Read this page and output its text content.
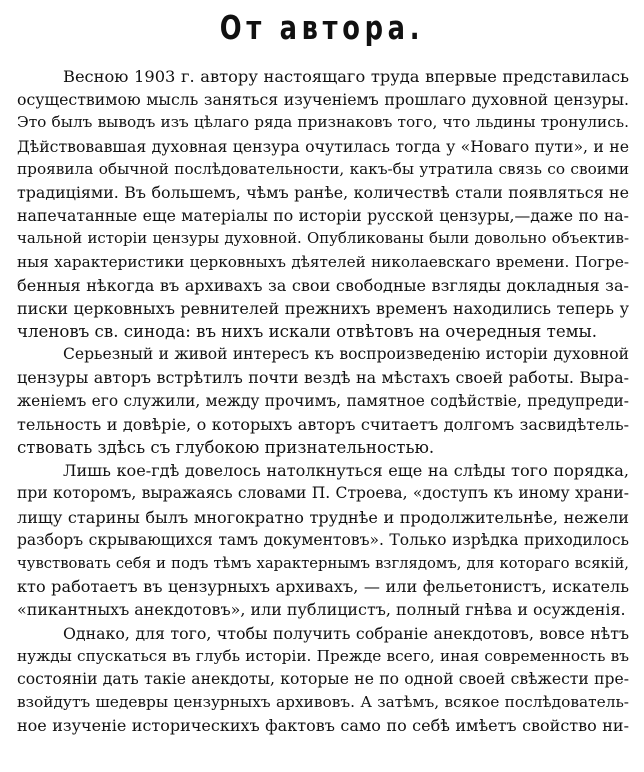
От автора.
Весною 1903 г. автору настоящаго труда впервые представилась
осуществимою мысль заняться изученiемъ прошлаго духовной цензуры.
Это былъ выводъ изъ цѣлаго ряда признаковъ того, что льдины тронулись.
Дѣйствовавшая духовная цензура очутилась тогда у «Новаго пути», и не
проявила обычной послѣдовательности, какъ-бы утратила связь со своими
традицiями. Въ большемъ, чѣмъ ранѣе, количествѣ стали появляться не
напечатанные еще матерiалы по исторiи русской цензуры,—даже по на-
чальной исторiи цензуры духовной. Опубликованы были довольно объектив-
ныя характеристики церковныхъ дѣятелей николаевскаго времени. Погре-
бенныя нѣкогда въ архивахъ за свои свободные взгляды докладныя за-
писки церковныхъ ревнителей прежнихъ временъ находились теперь у
членовъ св. синода: въ нихъ искали отвѣтовъ на очередныя темы.
Серьезный и живой интересъ къ воспроизведенiю исторiи духовной
цензуры авторъ встрѣтилъ почти вездѣ на мѣстахъ своей работы. Выра-
женiемъ его служили, между прочимъ, памятное содѣйствiе, предупреди-
тельность и довѣрiе, о которыхъ авторъ считаетъ долгомъ засвидѣтель-
ствовать здѣсь съ глубокою признательностью.
Лишь кое-гдѣ довелось натолкнуться еще на слѣды того порядка,
при которомъ, выражаясь словами П. Строева, «доступъ къ иному храни-
лищу старины былъ многократно труднѣе и продолжительнѣе, нежели
разборъ скрывающихся тамъ документовъ». Только изрѣдка приходилось
чувствовать себя и подъ тѣмъ характернымъ взглядомъ, для котораго всякiй,
кто работаетъ въ цензурныхъ архивахъ, — или фельетонистъ, искатель
«пикантныхъ анекдотовъ», или публицистъ, полный гнѣва и осужденiя.
Однако, для того, чтобы получить собранiе анекдотовъ, вовсе нѣтъ
нужды спускаться въ глубь исторiи. Прежде всего, иная современность въ
состоянiи дать такiе анекдоты, которые не по одной своей свѣжести пре-
взойдутъ шедевры цензурныхъ архивовъ. А затѣмъ, всякое послѣдователь-
ное изученiе историческихъ фактовъ само по себѣ имѣетъ свойство ни-
